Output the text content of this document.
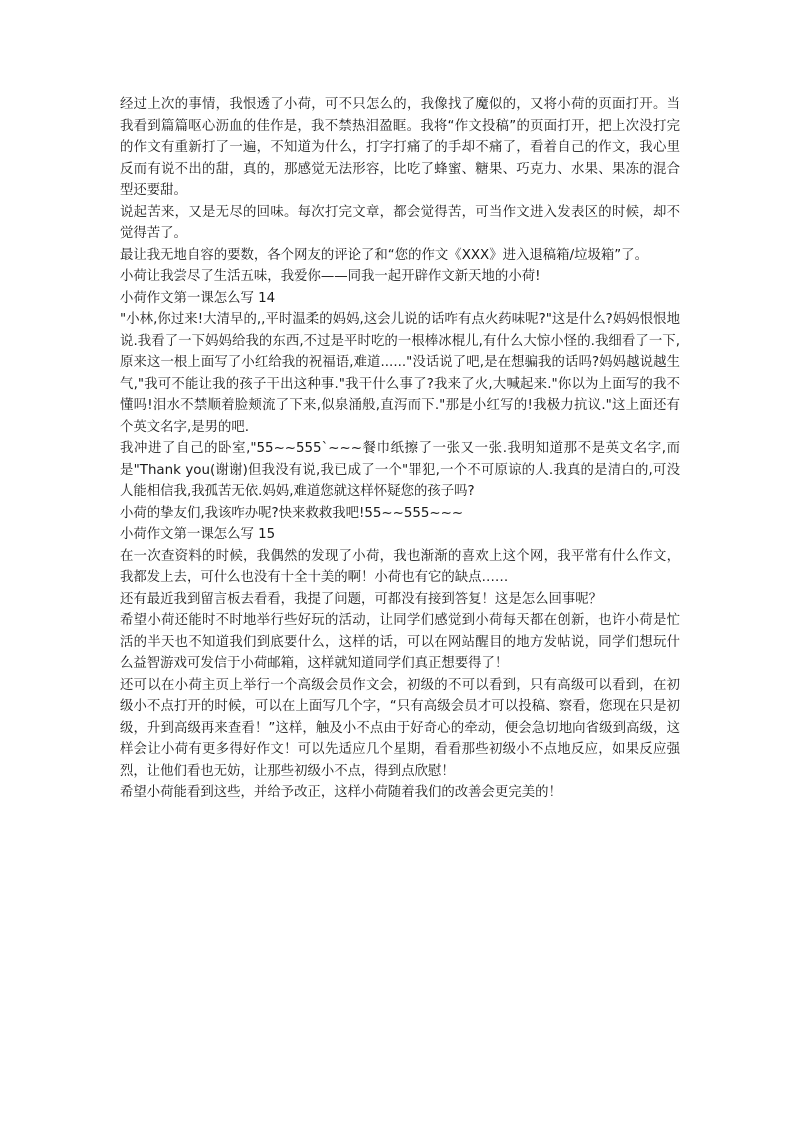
经过上次的事情，我恨透了小荷，可不只怎么的，我像找了魔似的，又将小荷的页面打开。当我看到篇篇呕心沥血的佳作是，我不禁热泪盈眶。我将“作文投稿”的页面打开，把上次没打完的作文有重新打了一遍，不知道为什么，打字打痛了的手却不痛了，看着自己的作文，我心里反而有说不出的甜，真的，那感觉无法形容，比吃了蜂蜜、糖果、巧克力、水果、果冻的混合型还要甜。

说起苦来，又是无尽的回味。每次打完文章，都会觉得苦，可当作文进入发表区的时候，却不觉得苦了。

最让我无地自容的要数，各个网友的评论了和“您的作文《XXX》进入退稿箱/垃圾箱”了。

小荷让我尝尽了生活五味，我爱你——同我一起开辟作文新天地的小荷!

小荷作文第一课怎么写 14

"小林,你过来!大清早的,,平时温柔的妈妈,这会儿说的话咋有点火药味呢?"这是什么?妈妈恨恨地说.我看了一下妈妈给我的东西,不过是平时吃的一根棒冰棍儿,有什么大惊小怪的.我细看了一下,原来这一根上面写了小红给我的祝福语,难道......"没话说了吧,是在想骗我的话吗?妈妈越说越生气,"我可不能让我的孩子干出这种事."我干什么事了?我来了火,大喊起来."你以为上面写的我不懂吗!泪水不禁顺着脸颊流了下来,似泉涌般,直泻而下."那是小红写的!我极力抗议."这上面还有个英文名字,是男的吧.

我冲进了自己的卧室,"55~~555`~~~餐巾纸擦了一张又一张.我明知道那不是英文名字,而是"Thank you(谢谢)但我没有说,我已成了一个"罪犯,一个不可原谅的人.我真的是清白的,可没人能相信我,我孤苦无依.妈妈,难道您就这样怀疑您的孩子吗?

小荷的挚友们,我该咋办呢?快来救救我吧!55~~555~~~

小荷作文第一课怎么写 15

在一次查资料的时候，我偶然的发现了小荷，我也渐渐的喜欢上这个网，我平常有什么作文，我都发上去，可什么也没有十全十美的啊！小荷也有它的缺点……

还有最近我到留言板去看看，我提了问题，可都没有接到答复！这是怎么回事呢？

希望小荷还能时不时地举行些好玩的活动，让同学们感觉到小荷每天都在创新，也许小荷是忙活的半天也不知道我们到底要什么，这样的话，可以在网站醒目的地方发帖说，同学们想玩什么益智游戏可发信于小荷邮箱，这样就知道同学们真正想要得了！

还可以在小荷主页上举行一个高级会员作文会，初级的不可以看到，只有高级可以看到，在初级小不点打开的时候，可以在上面写几个字，“只有高级会员才可以投稿、察看，您现在只是初级，升到高级再来查看！”这样，触及小不点由于好奇心的牵动，便会急切地向省级到高级，这样会让小荷有更多得好作文！可以先适应几个星期，看看那些初级小不点地反应，如果反应强烈，让他们看也无妨，让那些初级小不点，得到点欣慰！

希望小荷能看到这些，并给予改正，这样小荷随着我们的改善会更完美的！
